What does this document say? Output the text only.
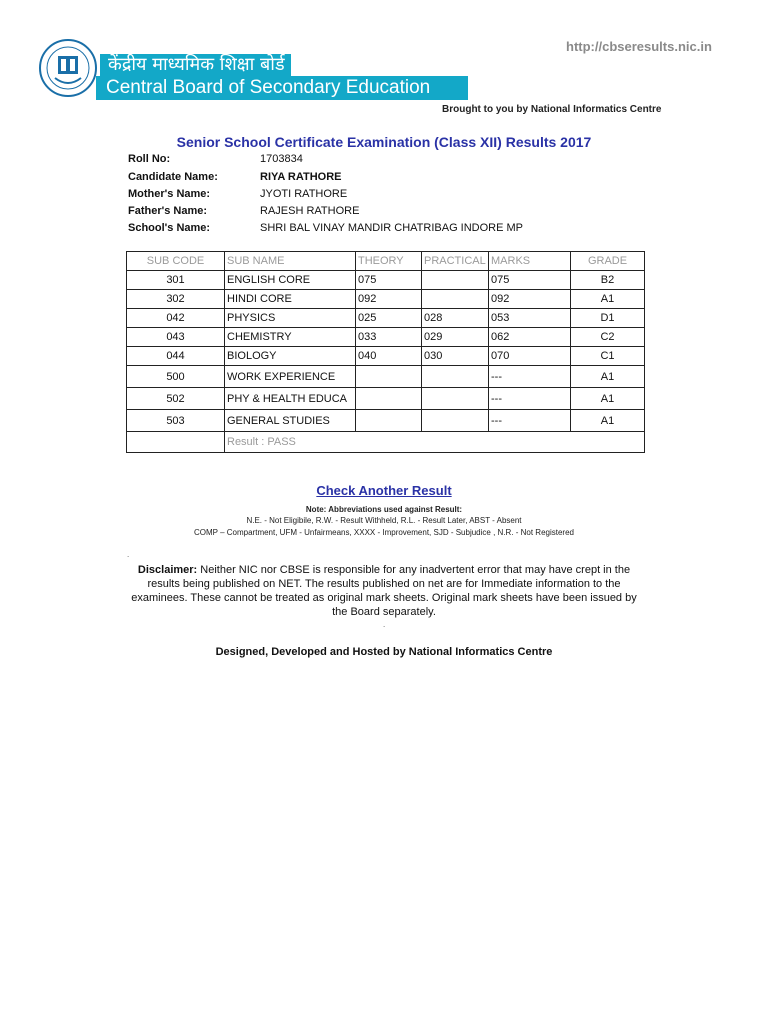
http://cbseresults.nic.in
केंद्रीय माध्यमिक शिक्षा बोर्ड
Central Board of Secondary Education
Brought to you by National Informatics Centre
Senior School Certificate Examination (Class XII) Results 2017
Roll No:	1703834
Candidate Name:	RIYA RATHORE
Mother's Name:	JYOTI RATHORE
Father's Name:	RAJESH RATHORE
School's Name:	SHRI BAL VINAY MANDIR CHATRIBAG INDORE MP
SUB CODE	SUB NAME	THEORY	PRACTICAL	MARKS	GRADE
301	ENGLISH CORE	075		075	B2
302	HINDI CORE	092		092	A1
042	PHYSICS	025	028	053	D1
043	CHEMISTRY	033	029	062	C2
044	BIOLOGY	040	030	070	C1
500	WORK EXPERIENCE			---	A1
502	PHY & HEALTH EDUCA			---	A1
503	GENERAL STUDIES			---	A1
	Result : PASS				
Check Another Result
Note: Abbreviations used against Result:
N.E. - Not Eligibile, R.W. - Result Withheld, R.L. - Result Later, ABST - Absent
COMP – Compartment, UFM - Unfairmeans, XXXX - Improvement, SJD - Subjudice , N.R. - Not Registered
.
Disclaimer: Neither NIC nor CBSE is responsible for any inadvertent error that may have crept in the results being published on NET. The results published on net are for Immediate information to the examinees. These cannot be treated as original mark sheets. Original mark sheets have been issued by the Board separately.
.
Designed, Developed and Hosted by National Informatics Centre
